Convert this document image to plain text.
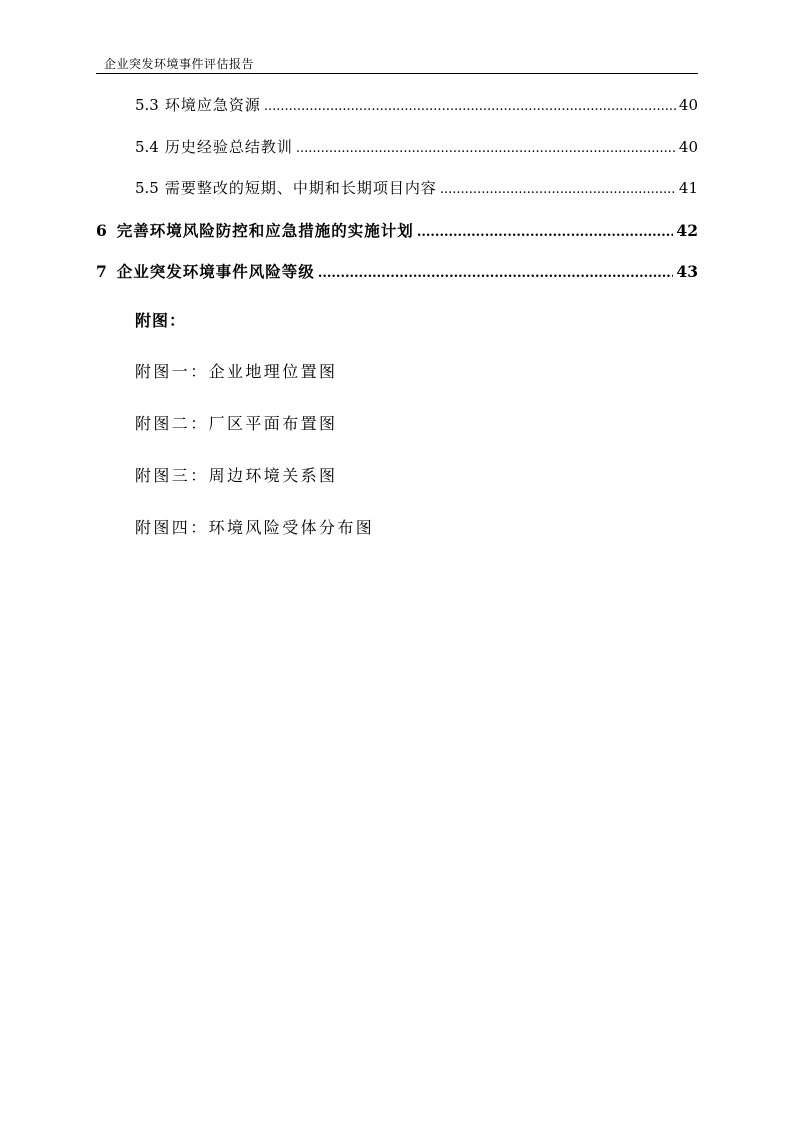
企业突发环境事件评估报告
5.3 环境应急资源 .....	40
5.4 历史经验总结教训 .....	40
5.5 需要整改的短期、中期和长期项目内容 .....	41
6 完善环境风险防控和应急措施的实施计划 .....	42
7 企业突发环境事件风险等级 .....	43
附图：
附图一：企业地理位置图
附图二：厂区平面布置图
附图三：周边环境关系图
附图四：环境风险受体分布图
